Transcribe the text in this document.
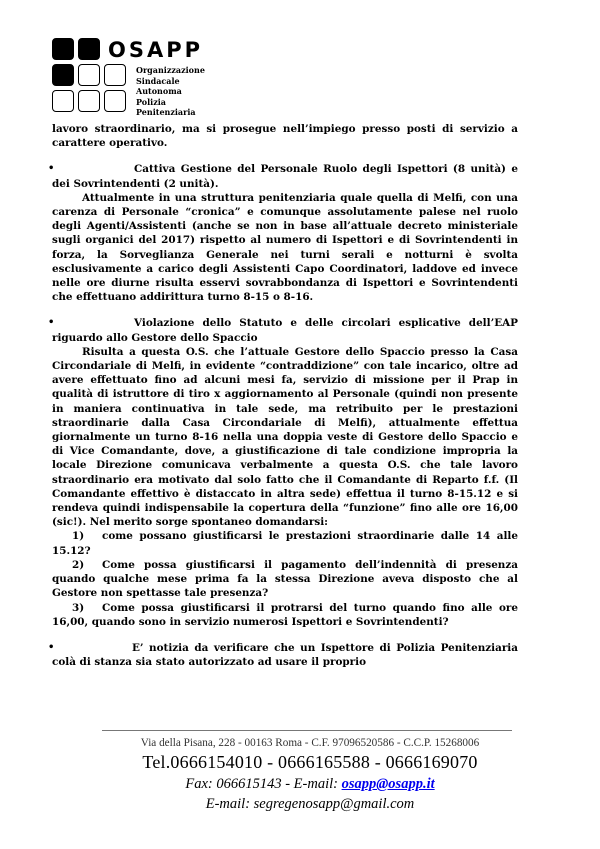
OSAPP
Organizzazione
Sindacale
Autonoma
Polizia
Penitenziaria

lavoro straordinario, ma si prosegue nell’impiego presso posti di servizio a carattere operativo.

•	Cattiva Gestione del Personale Ruolo degli Ispettori (8 unità) e dei Sovrintendenti (2 unità).

Attualmente in una struttura penitenziaria quale quella di Melfi, con una carenza di Personale “cronica” e comunque assolutamente palese nel ruolo degli Agenti/Assistenti (anche se non in base all’attuale decreto ministeriale sugli organici del 2017) rispetto al numero di Ispettori e di Sovrintendenti in forza, la Sorveglianza Generale nei turni serali e notturni è svolta esclusivamente a carico degli Assistenti Capo Coordinatori, laddove ed invece nelle ore diurne risulta esservi sovrabbondanza di Ispettori e Sovrintendenti che effettuano addirittura turno 8-15 o 8-16.

•	Violazione dello Statuto e delle circolari esplicative dell’EAP riguardo allo Gestore dello Spaccio

Risulta a questa O.S. che l’attuale Gestore dello Spaccio presso la Casa Circondariale di Melfi, in evidente “contraddizione” con tale incarico, oltre ad avere effettuato fino ad alcuni mesi fa, servizio di missione per il Prap in qualità di istruttore di tiro x aggiornamento al Personale (quindi non presente in maniera continuativa in tale sede, ma retribuito per le prestazioni straordinarie dalla Casa Circondariale di Melfi), attualmente effettua giornalmente un turno 8-16 nella una doppia veste di Gestore dello Spaccio e di Vice Comandante, dove, a giustificazione di tale condizione impropria la locale Direzione comunicava verbalmente a questa O.S. che tale lavoro straordinario era motivato dal solo fatto che il Comandante di Reparto f.f. (Il Comandante effettivo è distaccato in altra sede) effettua il turno 8-15.12 e si rendeva quindi indispensabile la copertura della “funzione” fino alle ore 16,00 (sic!). Nel merito sorge spontaneo domandarsi:

1) come possano giustificarsi le prestazioni straordinarie dalle 14 alle 15.12?

2) Come possa giustificarsi il pagamento dell’indennità di presenza quando qualche mese prima fa la stessa Direzione aveva disposto che al Gestore non spettasse tale presenza?

3) Come possa giustificarsi il protrarsi del turno quando fino alle ore 16,00, quando sono in servizio numerosi Ispettori e Sovrintendenti?

•	E’ notizia da verificare che un Ispettore di Polizia Penitenziaria colà di stanza sia stato autorizzato ad usare il proprio

Via della Pisana, 228 - 00163 Roma - C.F. 97096520586 - C.C.P. 15268006
Tel.0666154010 - 0666165588 - 0666169070
Fax: 066615143 - E-mail: osapp@osapp.it
E-mail: segregenosapp@gmail.com
